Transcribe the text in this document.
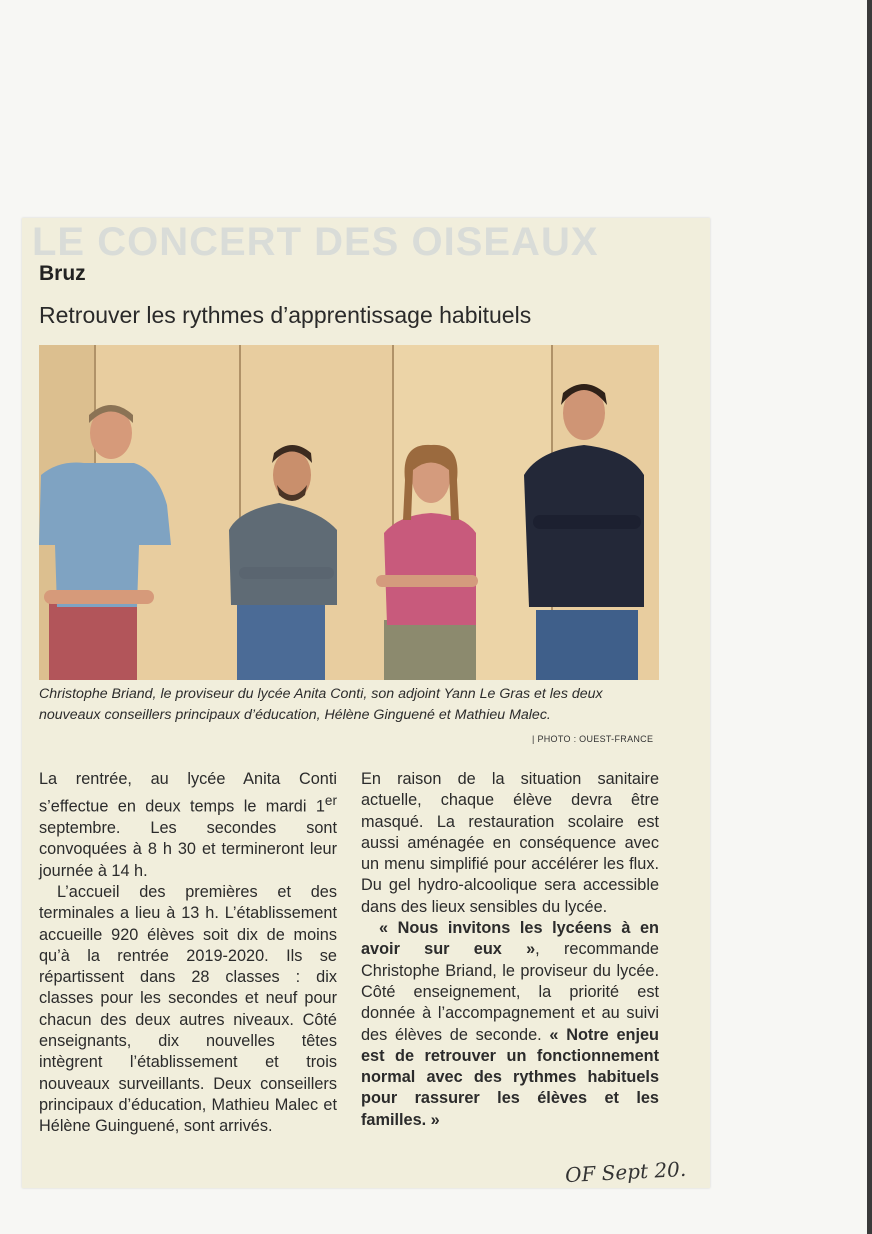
LE CONCERT DES OISEAUX
Bruz
Retrouver les rythmes d’apprentissage habituels
Christophe Briand, le proviseur du lycée Anita Conti, son adjoint Yann Le Gras et les deux nouveaux conseillers principaux d’éducation, Hélène Ginguené et Mathieu Malec.
| PHOTO : OUEST-FRANCE

La rentrée, au lycée Anita Conti s’effectue en deux temps le mardi 1er septembre. Les secondes sont convoquées à 8 h 30 et termineront leur journée à 14 h.

L’accueil des premières et des terminales a lieu à 13 h. L’établissement accueille 920 élèves soit dix de moins qu’à la rentrée 2019-2020. Ils se répartissent dans 28 classes : dix classes pour les secondes et neuf pour chacun des deux autres niveaux. Côté enseignants, dix nouvelles têtes intègrent l’établissement et trois nouveaux surveillants. Deux conseillers principaux d’éducation, Mathieu Malec et Hélène Guinguené, sont arrivés.

En raison de la situation sanitaire actuelle, chaque élève devra être masqué. La restauration scolaire est aussi aménagée en conséquence avec un menu simplifié pour accélérer les flux. Du gel hydro-alcoolique sera accessible dans des lieux sensibles du lycée.

« Nous invitons les lycéens à en avoir sur eux », recommande Christophe Briand, le proviseur du lycée. Côté enseignement, la priorité est donnée à l’accompagnement et au suivi des élèves de seconde. « Notre enjeu est de retrouver un fonctionnement normal avec des rythmes habituels pour rassurer les élèves et les familles. »

OF Sept 20.
